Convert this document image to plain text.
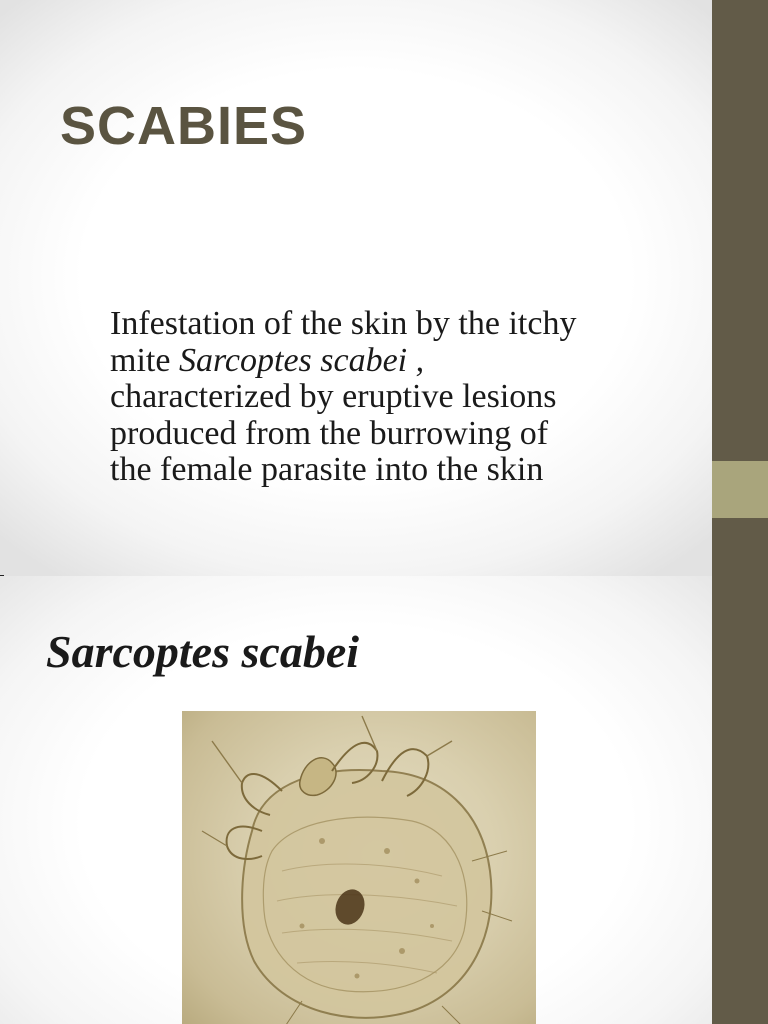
SCABIES

Infestation of the skin by the itchy
mite Sarcoptes scabei ,
characterized by eruptive lesions
produced from the burrowing of
the female parasite into the skin

Sarcoptes scabei
